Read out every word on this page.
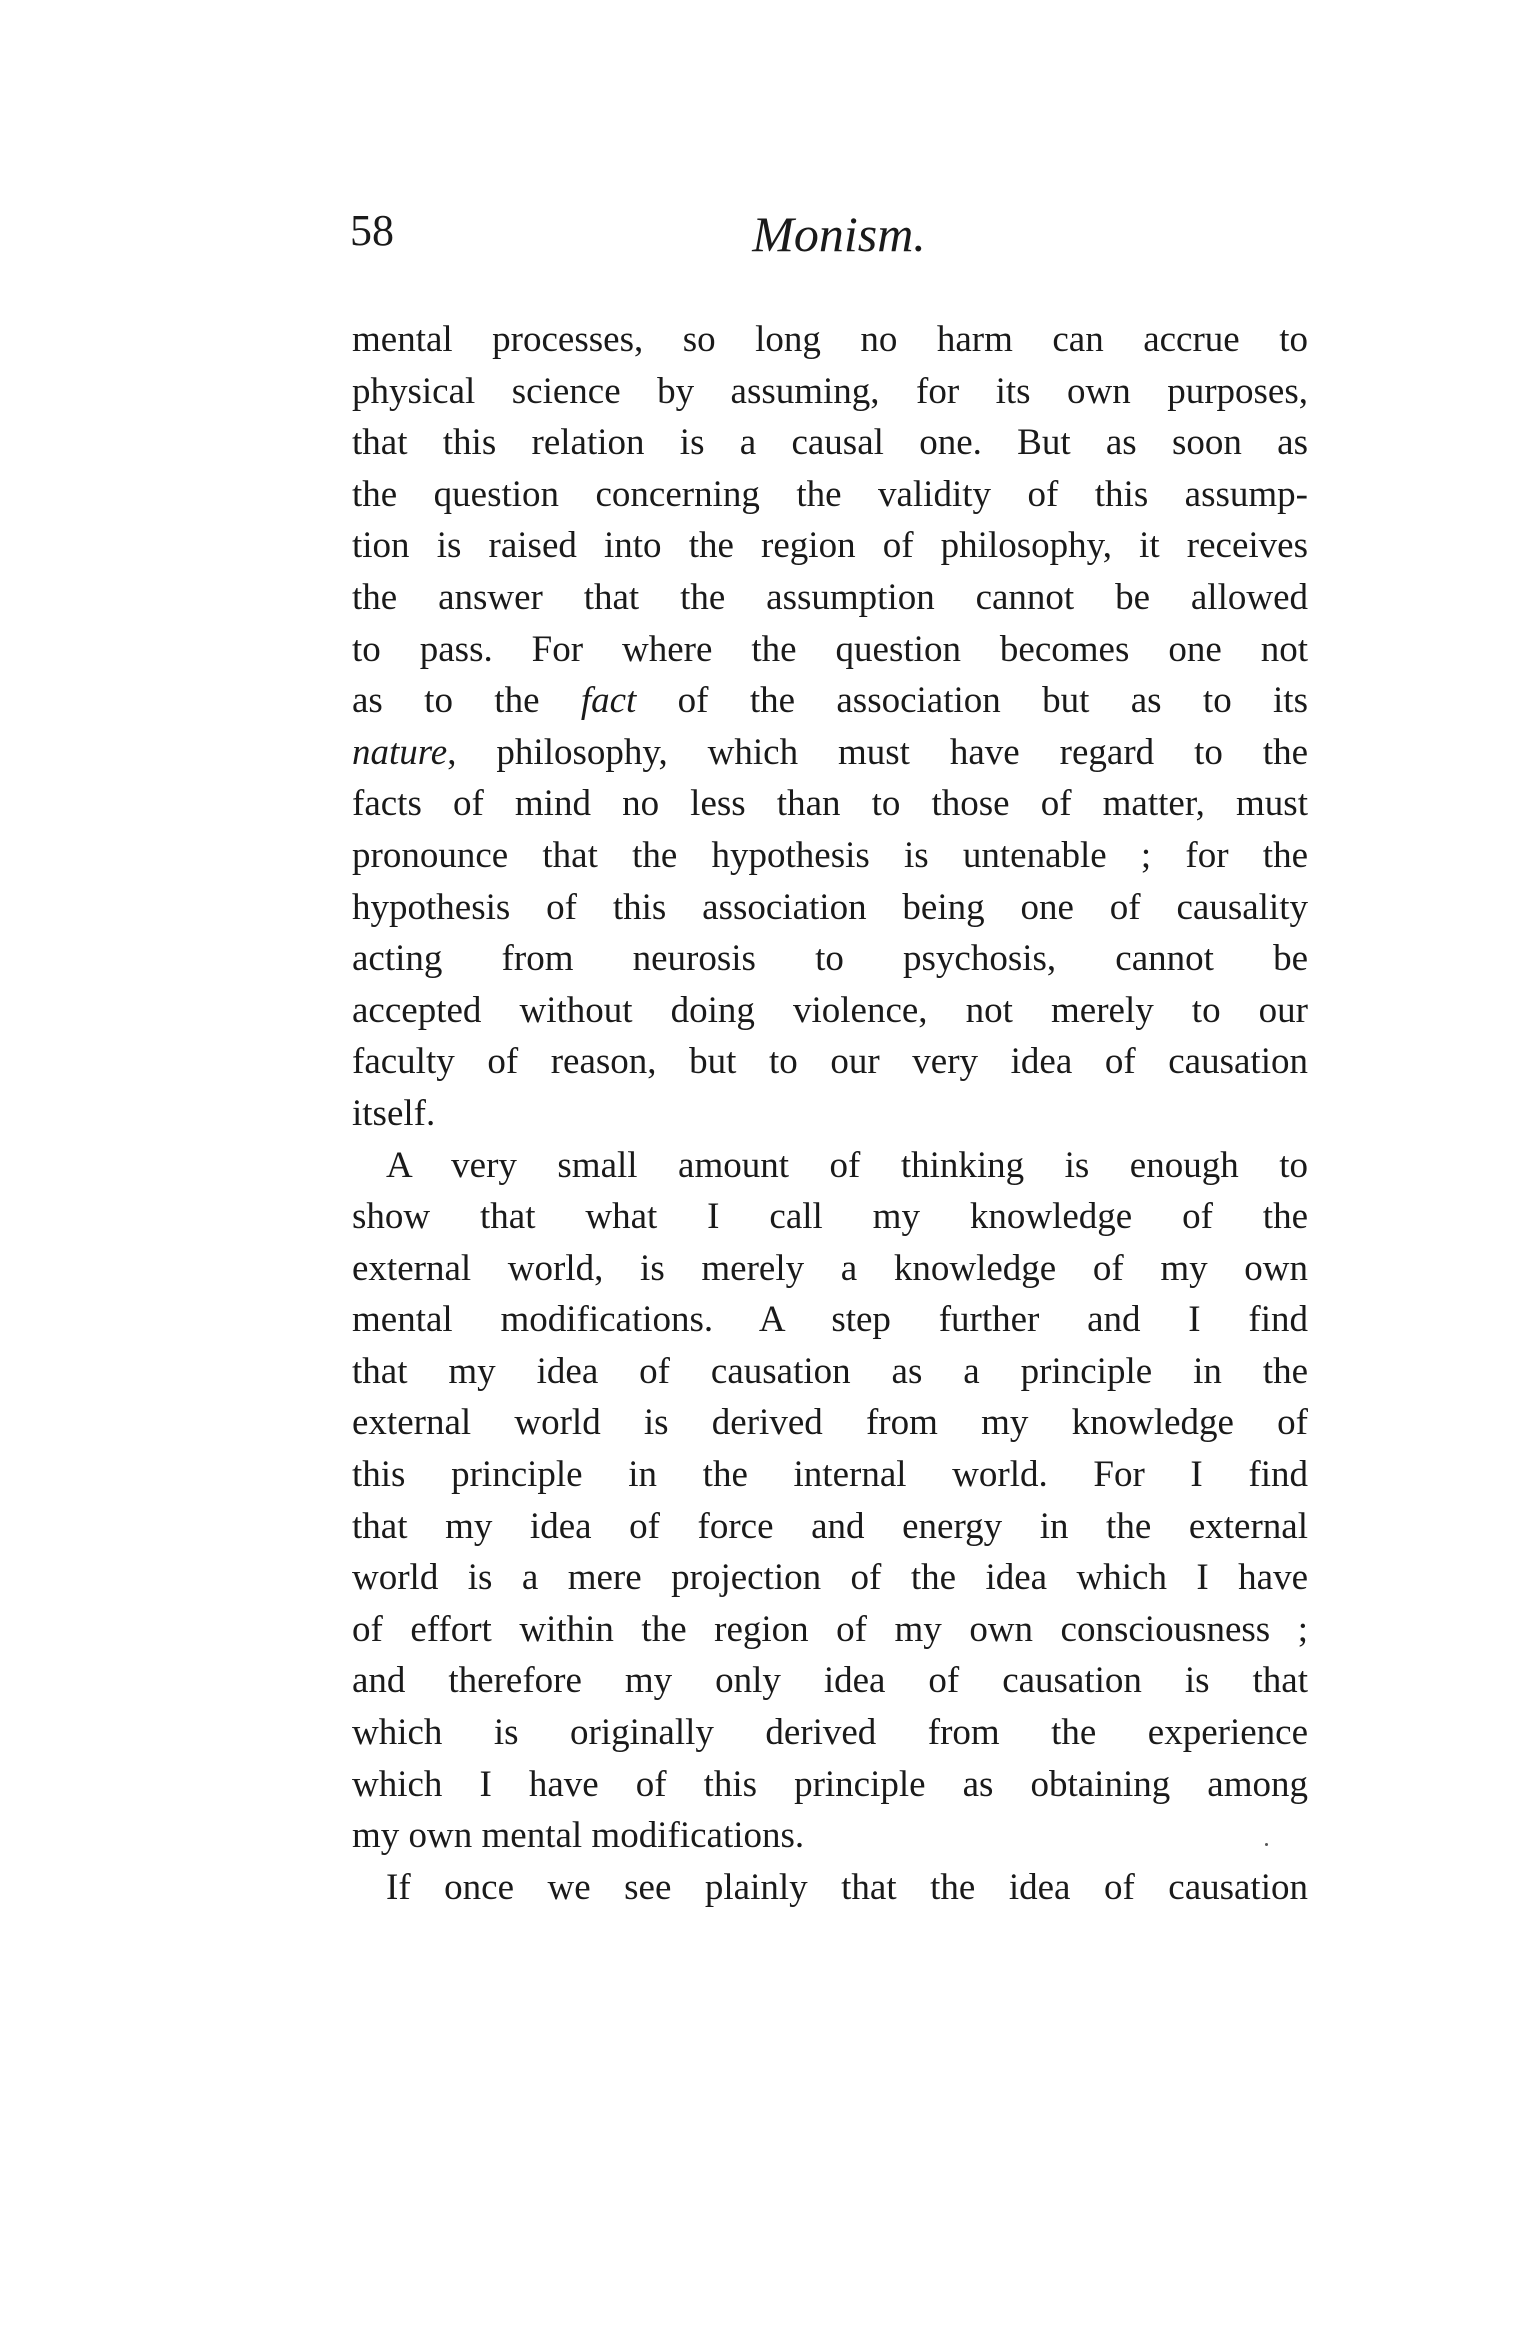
58	Monism.
mental processes, so long no harm can accrue to
physical science by assuming, for its own purposes,
that this relation is a causal one. But as soon as
the question concerning the validity of this assump-
tion is raised into the region of philosophy, it receives
the answer that the assumption cannot be allowed
to pass. For where the question becomes one not
as to the fact of the association but as to its
nature, philosophy, which must have regard to the
facts of mind no less than to those of matter, must
pronounce that the hypothesis is untenable ; for the
hypothesis of this association being one of causality
acting from neurosis to psychosis, cannot be
accepted without doing violence, not merely to our
faculty of reason, but to our very idea of causation
itself.
A very small amount of thinking is enough to
show that what I call my knowledge of the
external world, is merely a knowledge of my own
mental modifications. A step further and I find
that my idea of causation as a principle in the
external world is derived from my knowledge of
this principle in the internal world. For I find
that my idea of force and energy in the external
world is a mere projection of the idea which I have
of effort within the region of my own consciousness ;
and therefore my only idea of causation is that
which is originally derived from the experience
which I have of this principle as obtaining among
my own mental modifications.
If once we see plainly that the idea of causation
